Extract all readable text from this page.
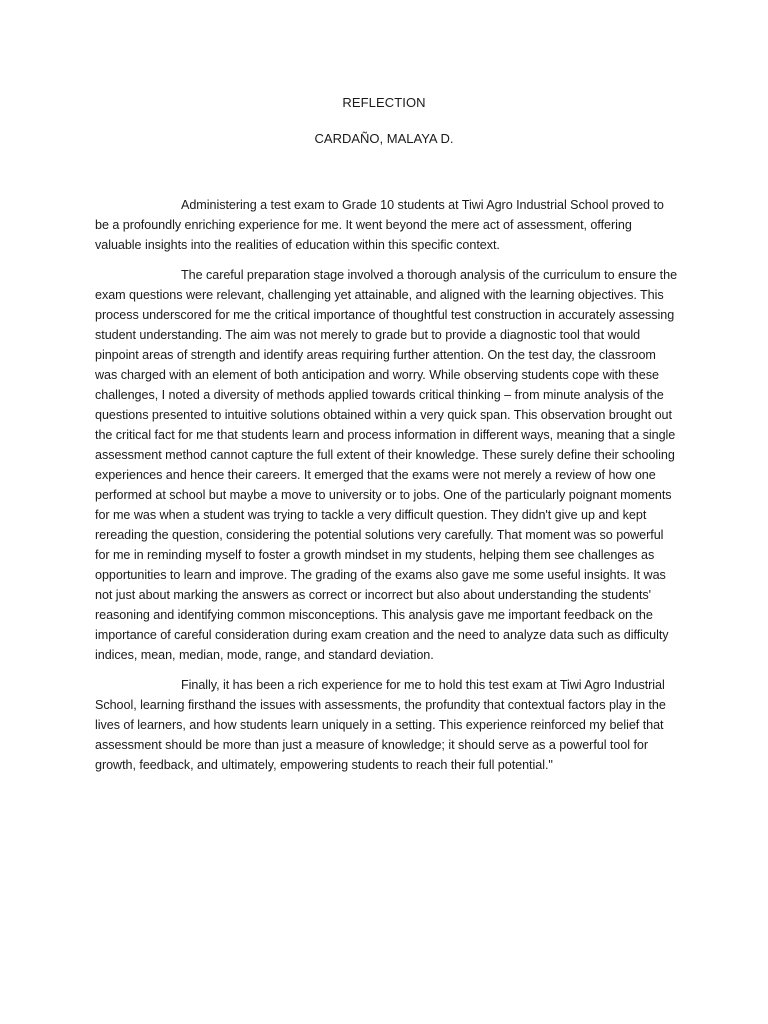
REFLECTION
CARDAÑO, MALAYA D.

Administering a test exam to Grade 10 students at Tiwi Agro Industrial School proved to be a profoundly enriching experience for me. It went beyond the mere act of assessment, offering valuable insights into the realities of education within this specific context.

The careful preparation stage involved a thorough analysis of the curriculum to ensure the exam questions were relevant, challenging yet attainable, and aligned with the learning objectives. This process underscored for me the critical importance of thoughtful test construction in accurately assessing student understanding. The aim was not merely to grade but to provide a diagnostic tool that would pinpoint areas of strength and identify areas requiring further attention. On the test day, the classroom was charged with an element of both anticipation and worry. While observing students cope with these challenges, I noted a diversity of methods applied towards critical thinking – from minute analysis of the questions presented to intuitive solutions obtained within a very quick span. This observation brought out the critical fact for me that students learn and process information in different ways, meaning that a single assessment method cannot capture the full extent of their knowledge. These surely define their schooling experiences and hence their careers. It emerged that the exams were not merely a review of how one performed at school but maybe a move to university or to jobs. One of the particularly poignant moments for me was when a student was trying to tackle a very difficult question. They didn't give up and kept rereading the question, considering the potential solutions very carefully. That moment was so powerful for me in reminding myself to foster a growth mindset in my students, helping them see challenges as opportunities to learn and improve. The grading of the exams also gave me some useful insights. It was not just about marking the answers as correct or incorrect but also about understanding the students' reasoning and identifying common misconceptions. This analysis gave me important feedback on the importance of careful consideration during exam creation and the need to analyze data such as difficulty indices, mean, median, mode, range, and standard deviation.

Finally, it has been a rich experience for me to hold this test exam at Tiwi Agro Industrial School, learning firsthand the issues with assessments, the profundity that contextual factors play in the lives of learners, and how students learn uniquely in a setting. This experience reinforced my belief that assessment should be more than just a measure of knowledge; it should serve as a powerful tool for growth, feedback, and ultimately, empowering students to reach their full potential."
